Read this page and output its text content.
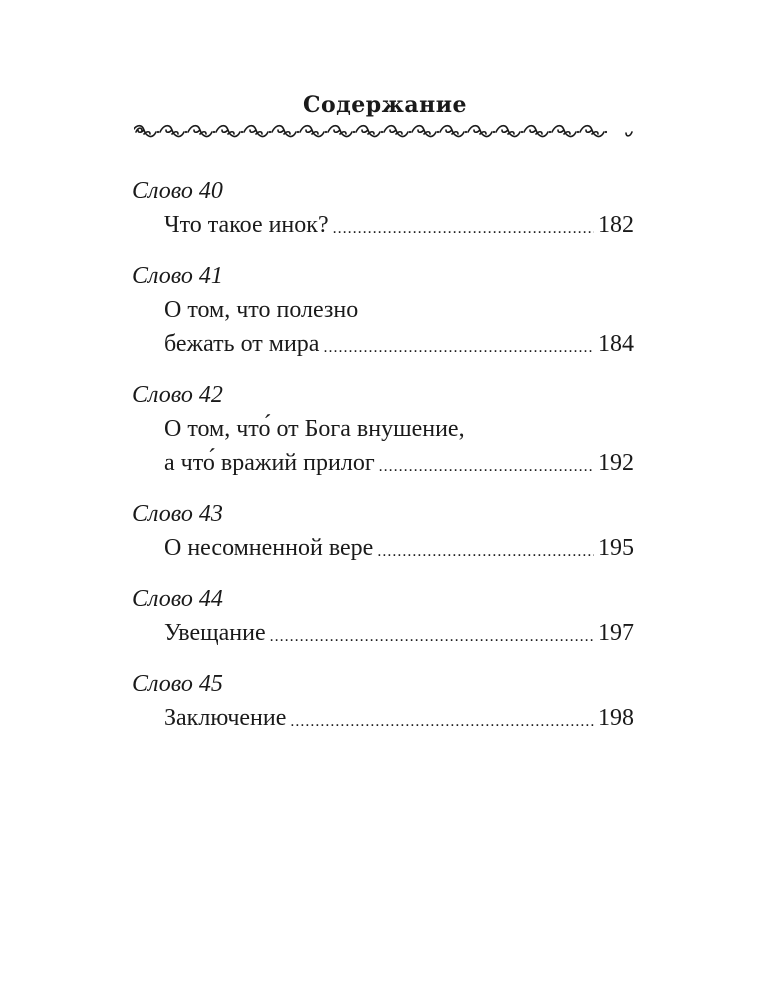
Содержание
Слово 40
Что такое инок? .....	182
Слово 41
О том, что полезно
бежать от мира .....	184
Слово 42
О том, что́ от Бога внушение,
а что́ вражий прилог .....	192
Слово 43
О несомненной вере .....	195
Слово 44
Увещание .....	197
Слово 45
Заключение .....	198
